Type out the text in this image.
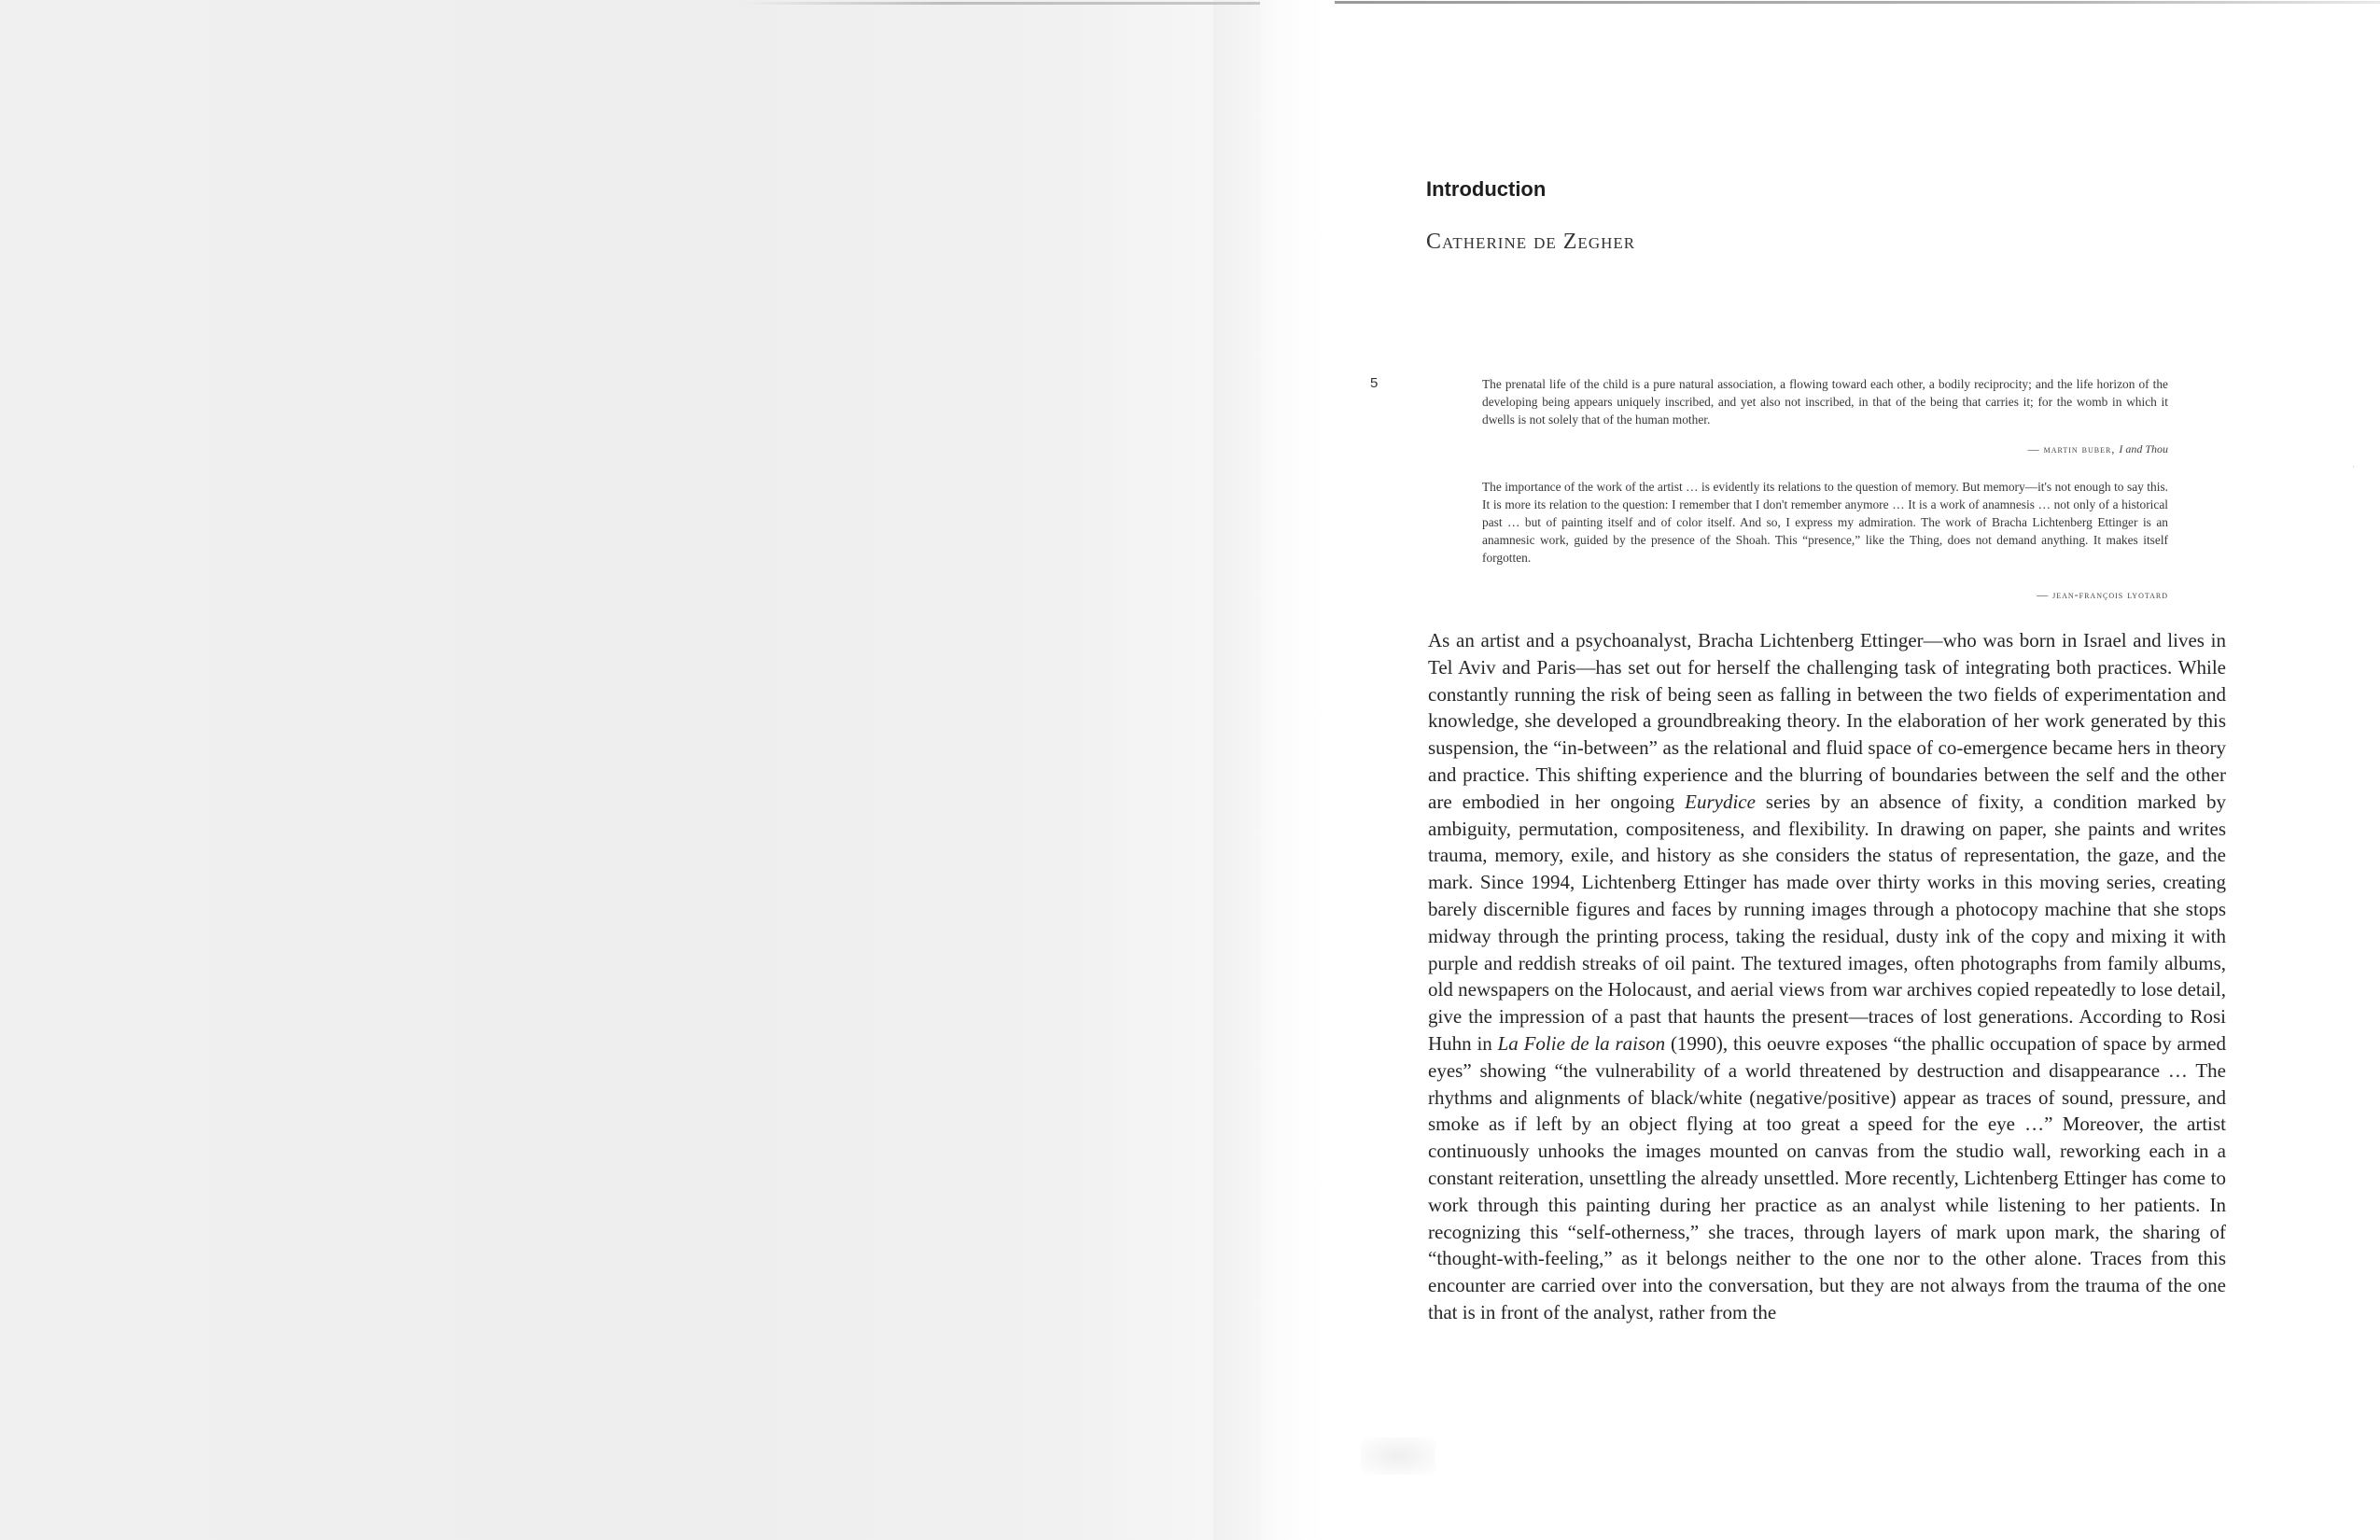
Introduction
Catherine de Zegher
5
˙

The prenatal life of the child is a pure natural association, a flowing toward each other, a bodily reciprocity; and the life horizon of the developing being appears uniquely inscribed, and yet also not inscribed, in that of the being that carries it; for the womb in which it dwells is not solely that of the human mother.

— martin buber, I and Thou

The importance of the work of the artist … is evidently its relations to the question of memory. But memory—it's not enough to say this. It is more its relation to the question: I remember that I don't remember anymore … It is a work of anamnesis … not only of a historical past … but of painting itself and of color itself. And so, I express my admiration. The work of Bracha Lichtenberg Ettinger is an anamnesic work, guided by the presence of the Shoah. This “presence,” like the Thing, does not demand anything. It makes itself forgotten.

— jean-françois lyotard

As an artist and a psychoanalyst, Bracha Lichtenberg Ettinger—who was born in Israel and lives in Tel Aviv and Paris—has set out for herself the challenging task of integrating both practices. While constantly running the risk of being seen as falling in between the two fields of experimentation and knowledge, she developed a groundbreaking theory. In the elaboration of her work generated by this suspension, the “in-between” as the relational and fluid space of co-emergence became hers in theory and practice. This shifting experience and the blurring of boundaries between the self and the other are embodied in her ongoing Eurydice series by an absence of fixity, a condition marked by ambiguity, permutation, compositeness, and flexibility. In drawing on paper, she paints and writes trauma, memory, exile, and history as she considers the status of representation, the gaze, and the mark. Since 1994, Lichtenberg Ettinger has made over thirty works in this moving series, creating barely discernible figures and faces by running images through a photocopy machine that she stops midway through the printing process, taking the residual, dusty ink of the copy and mixing it with purple and reddish streaks of oil paint. The textured images, often photographs from family albums, old newspapers on the Holocaust, and aerial views from war archives copied repeatedly to lose detail, give the impression of a past that haunts the present—traces of lost generations. According to Rosi Huhn in La Folie de la raison (1990), this oeuvre exposes “the phallic occupation of space by armed eyes” showing “the vulnerability of a world threatened by destruction and disappearance … The rhythms and alignments of black/white (negative/positive) appear as traces of sound, pressure, and smoke as if left by an object flying at too great a speed for the eye …” Moreover, the artist continuously unhooks the images mounted on canvas from the studio wall, reworking each in a constant reiteration, unsettling the already unsettled. More recently, Lichtenberg Ettinger has come to work through this painting during her practice as an analyst while listening to her patients. In recognizing this “self-otherness,” she traces, through layers of mark upon mark, the sharing of “thought-with-feeling,” as it belongs neither to the one nor to the other alone. Traces from this encounter are carried over into the conversation, but they are not always from the trauma of the one that is in front of the analyst, rather from the
